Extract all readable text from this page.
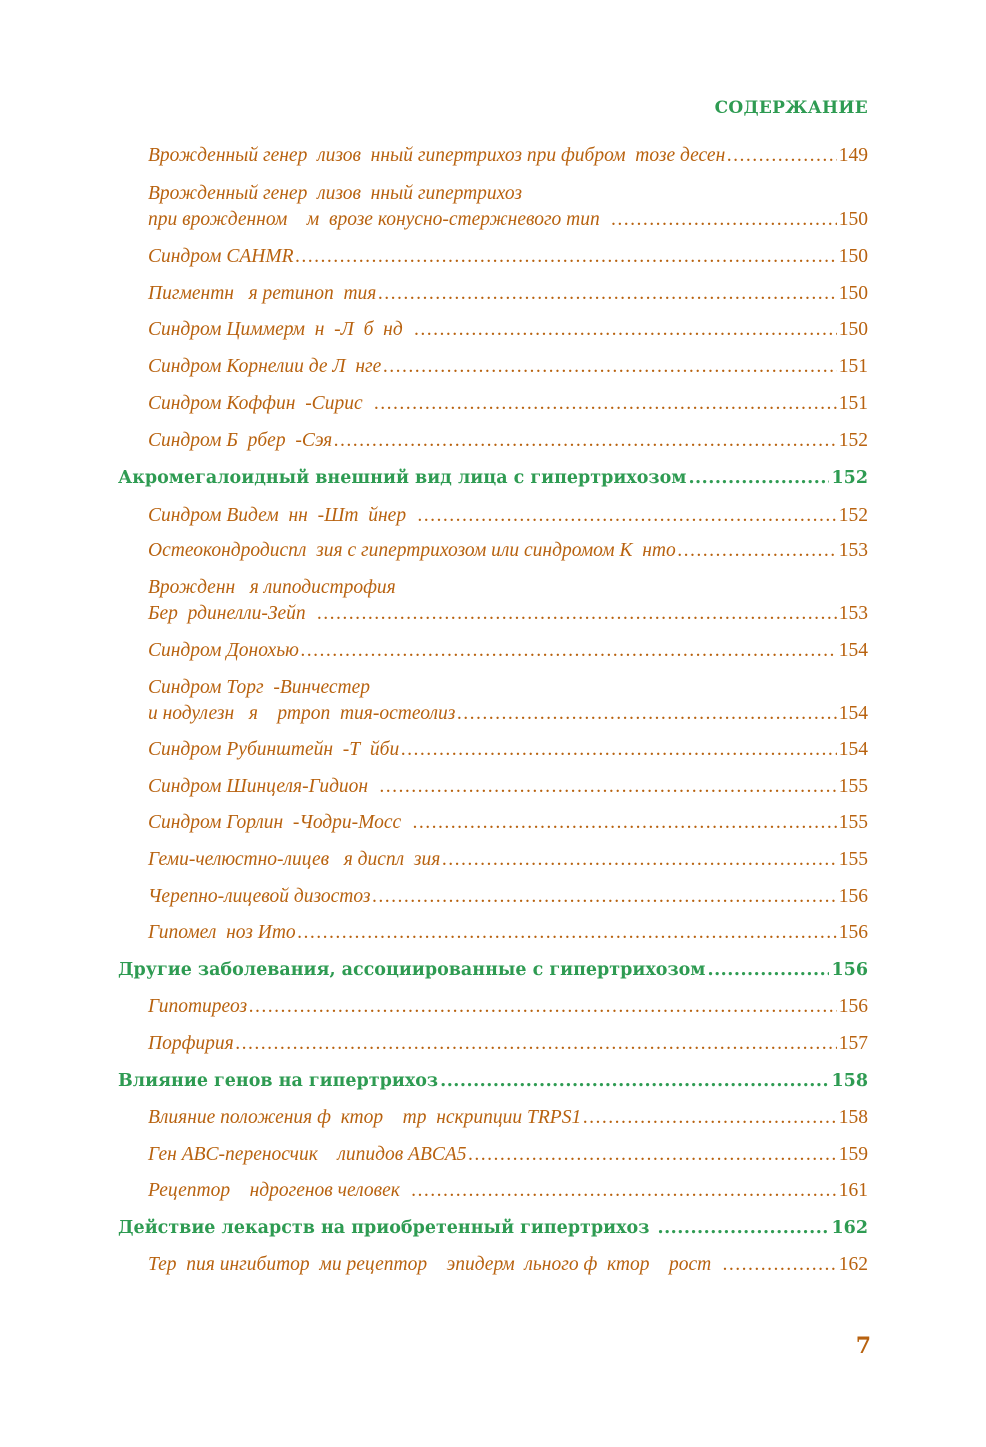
СОДЕРЖАНИЕ
Врожденный генер  лизов  нный гипертрихоз при фибром  тозе десен .....	149
Врожденный генер  лизов  нный гипертрихоз
при врожденном    м  врозе конусно-стержневого тип .....	150
Синдром CAHMR .....	150
Пигментн   я ретиноп  тия .....	150
Синдром Циммерм  н  -Л  б  нд .....	150
Синдром Корнелии де Л  нге .....	151
Синдром Коффин  -Сирис .....	151
Синдром Б  рбер  -Сэя .....	152
Акромегалоидный внешний вид лица с гипертрихозом .....	152
Синдром Видем  нн  -Шт  йнер .....	152
Остеокондродиспл  зия с гипертрихозом или синдромом К  нто .....	153
Врожденн   я липодистрофия
Бер  рдинелли-Зейп .....	153
Синдром Донохью .....	154
Синдром Торг  -Винчестер
и нодулезн   я    ртроп  тия-остеолиз .....	154
Синдром Рубинштейн  -Т  йби .....	154
Синдром Шинцеля-Гидион .....	155
Синдром Горлин  -Чодри-Мосс .....	155
Геми-челюстно-лицев   я диспл  зия .....	155
Черепно-лицевой дизостоз .....	156
Гипомел  ноз Ито .....	156
Другие заболевания, ассоциированные с гипертрихозом .....	156
Гипотиреоз .....	156
Порфирия .....	157
Влияние генов на гипертрихоз .....	158
Влияние положения ф  ктор    тр  нскрипции TRPS1 .....	158
Ген ABC-переносчик    липидов ABCA5 .....	159
Рецептор    ндрогенов человек .....	161
Действие лекарств на приобретенный гипертрихоз .....	162
Тер  пия ингибитор  ми рецептор    эпидерм  льного ф  ктор    рост .....	162
7
